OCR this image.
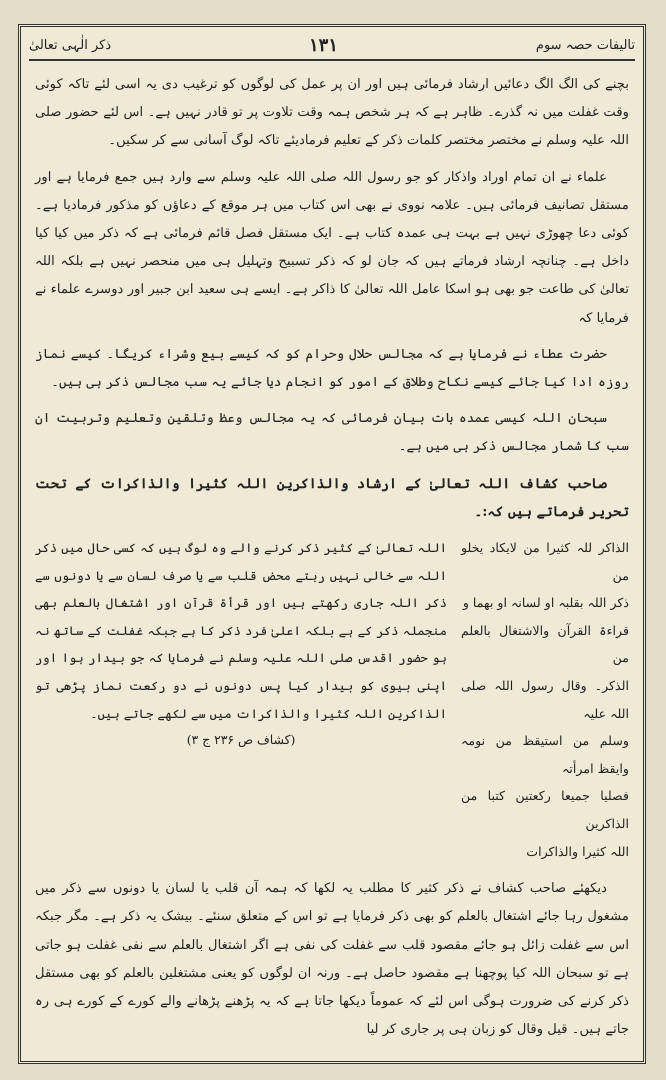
تالیفات حصہ سوم
۱۳۱
ذکر الٰہی تعالیٰ

بچنے کی الگ الگ دعائیں ارشاد فرمائی ہیں اور ان پر عمل کی لوگوں کو ترغیب دی یہ اسی لئے تاکہ کوئی وقت غفلت میں نہ گذرے۔ ظاہر ہے کہ ہر شخص ہمہ وقت تلاوت پر تو قادر نہیں ہے۔ اس لئے حضور صلی اللہ علیہ وسلم نے مختصر مختصر کلمات ذکر کے تعلیم فرمادیئے تاکہ لوگ آسانی سے کر سکیں۔

علماء نے ان تمام اوراد واذکار کو جو رسول اللہ صلی اللہ علیہ وسلم سے وارد ہیں جمع فرمایا ہے اور مستقل تصانیف فرمائی ہیں۔ علامہ نووی نے بھی اس کتاب میں ہر موقع کے دعاؤں کو مذکور فرمادیا ہے۔ کوئی دعا چھوڑی نہیں ہے بہت ہی عمدہ کتاب ہے۔ ایک مستقل فصل قائم فرمائی ہے کہ ذکر میں کیا کیا داخل ہے۔ چنانچہ ارشاد فرماتے ہیں کہ جان لو کہ ذکر تسبیح وتہلیل ہی میں منحصر نہیں ہے بلکہ اللہ تعالیٰ کی طاعت جو بھی ہو اسکا عامل اللہ تعالیٰ کا ذاکر ہے۔ ایسے ہی سعید ابن جبیر اور دوسرے علماء نے فرمایا کہ

حضرت عطاء نے فرمایا ہے کہ مجالس حلال وحرام کو کہ کیسے بیع وشراء کریگا۔ کیسے نماز روزہ ادا کیا جائے کیسے نکاح وطلاق کے امور کو انجام دیا جائے یہ سب مجالس ذکر ہی ہیں۔

سبحان اللہ کیسی عمدہ بات بیان فرمائی کہ یہ مجالس وعظ وتلقین وتعلیم وتربیت ان سب کا شمار مجالس ذکر ہی میں ہے۔

صاحب کشاف اللہ تعالیٰ کے ارشاد والذاکرین اللہ کثیرا والذاکرات کے تحت تحریر فرماتے ہیں کہ:۔

الذاکر للہ کثیرا من لایکاد یخلو من

ذکر اللہ بقلبہ او لسانہ او بھما و

قراءۃ القرآن والاشتغال بالعلم من

الذکر۔ وقال رسول اللہ صلی اللہ علیہ

وسلم من استیقظ من نومہ وایقظ امرأتہ

فصلیا جمیعا رکعتین کتبا من الذاکرین

اللہ کثیرا والذاکرات

اللہ تعالیٰ کے کثیر ذکر کرنے والے وہ لوگ ہیں کہ کسی حال میں ذکر اللہ سے خالی نہیں رہتے محض قلب سے یا صرف لسان سے یا دونوں سے ذکر اللہ جاری رکھتے ہیں اور قرأۃ قرآن اور اشتغال بالعلم بھی منجملہ ذکر کے ہے بلکہ اعلیٰ فرد ذکر کا ہے جبکہ غفلت کے ساتھ نہ ہو حضور اقدس صلی اللہ علیہ وسلم نے فرمایا کہ جو بیدار ہوا اور اپنی بیوی کو بیدار کیا پس دونوں نے دو رکعت نماز پڑھی تو الذاکرین اللہ کثیرا والذاکرات میں سے لکھے جاتے ہیں۔

(کشاف ص ۲۳۶ ج ۳)

دیکھئے صاحب کشاف نے ذکر کثیر کا مطلب یہ لکھا کہ ہمہ آن قلب یا لسان یا دونوں سے ذکر میں مشغول رہا جائے اشتغال بالعلم کو بھی ذکر فرمایا ہے تو اس کے متعلق سنئے۔ بیشک یہ ذکر ہے۔ مگر جبکہ اس سے غفلت زائل ہو جائے مقصود قلب سے غفلت کی نفی ہے اگر اشتغال بالعلم سے نفی غفلت ہو جاتی ہے تو سبحان اللہ کیا پوچھنا ہے مقصود حاصل ہے۔ ورنہ ان لوگوں کو یعنی مشتغلین بالعلم کو بھی مستقل ذکر کرنے کی ضرورت ہوگی اس لئے کہ عموماً دیکھا جاتا ہے کہ یہ پڑھنے پڑھانے والے کورے کے کورے ہی رہ جاتے ہیں۔ قیل وقال کو زبان ہی پر جاری کر لیا
